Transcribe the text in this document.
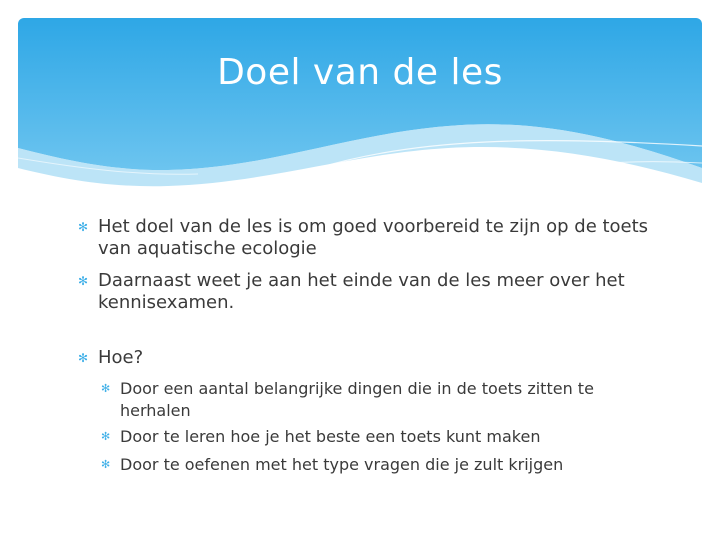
Doel van de les
✻ Het doel van de les is om goed voorbereid te zijn op de toets van aquatische ecologie
✻ Daarnaast weet je aan het einde van de les meer over het kennisexamen.
✻ Hoe?
✻ Door een aantal belangrijke dingen die in de toets zitten te herhalen
✻ Door te leren hoe je het beste een toets kunt maken
✻ Door te oefenen met het type vragen die je zult krijgen
